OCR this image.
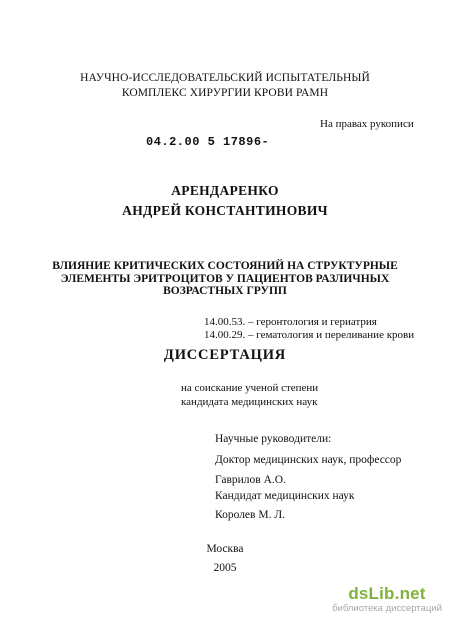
НАУЧНО-ИССЛЕДОВАТЕЛЬСКИЙ ИСПЫТАТЕЛЬНЫЙ
КОМПЛЕКС ХИРУРГИИ КРОВИ РАМН
На правах рукописи
04.2.00 5 17896-
АРЕНДАРЕНКО
АНДРЕЙ КОНСТАНТИНОВИЧ
ВЛИЯНИЕ КРИТИЧЕСКИХ СОСТОЯНИЙ НА СТРУКТУРНЫЕ
ЭЛЕМЕНТЫ ЭРИТРОЦИТОВ У ПАЦИЕНТОВ РАЗЛИЧНЫХ
ВОЗРАСТНЫХ ГРУПП
14.00.53. – геронтология и гериатрия
14.00.29. – гематология и переливание крови
ДИССЕРТАЦИЯ
на соискание ученой степени
кандидата медицинских наук
Научные руководители:
Доктор медицинских наук, профессор
Гаврилов А.О.
Кандидат медицинских наук
Королев М. Л.
Москва
2005
dsLib.net
библиотека диссертаций
